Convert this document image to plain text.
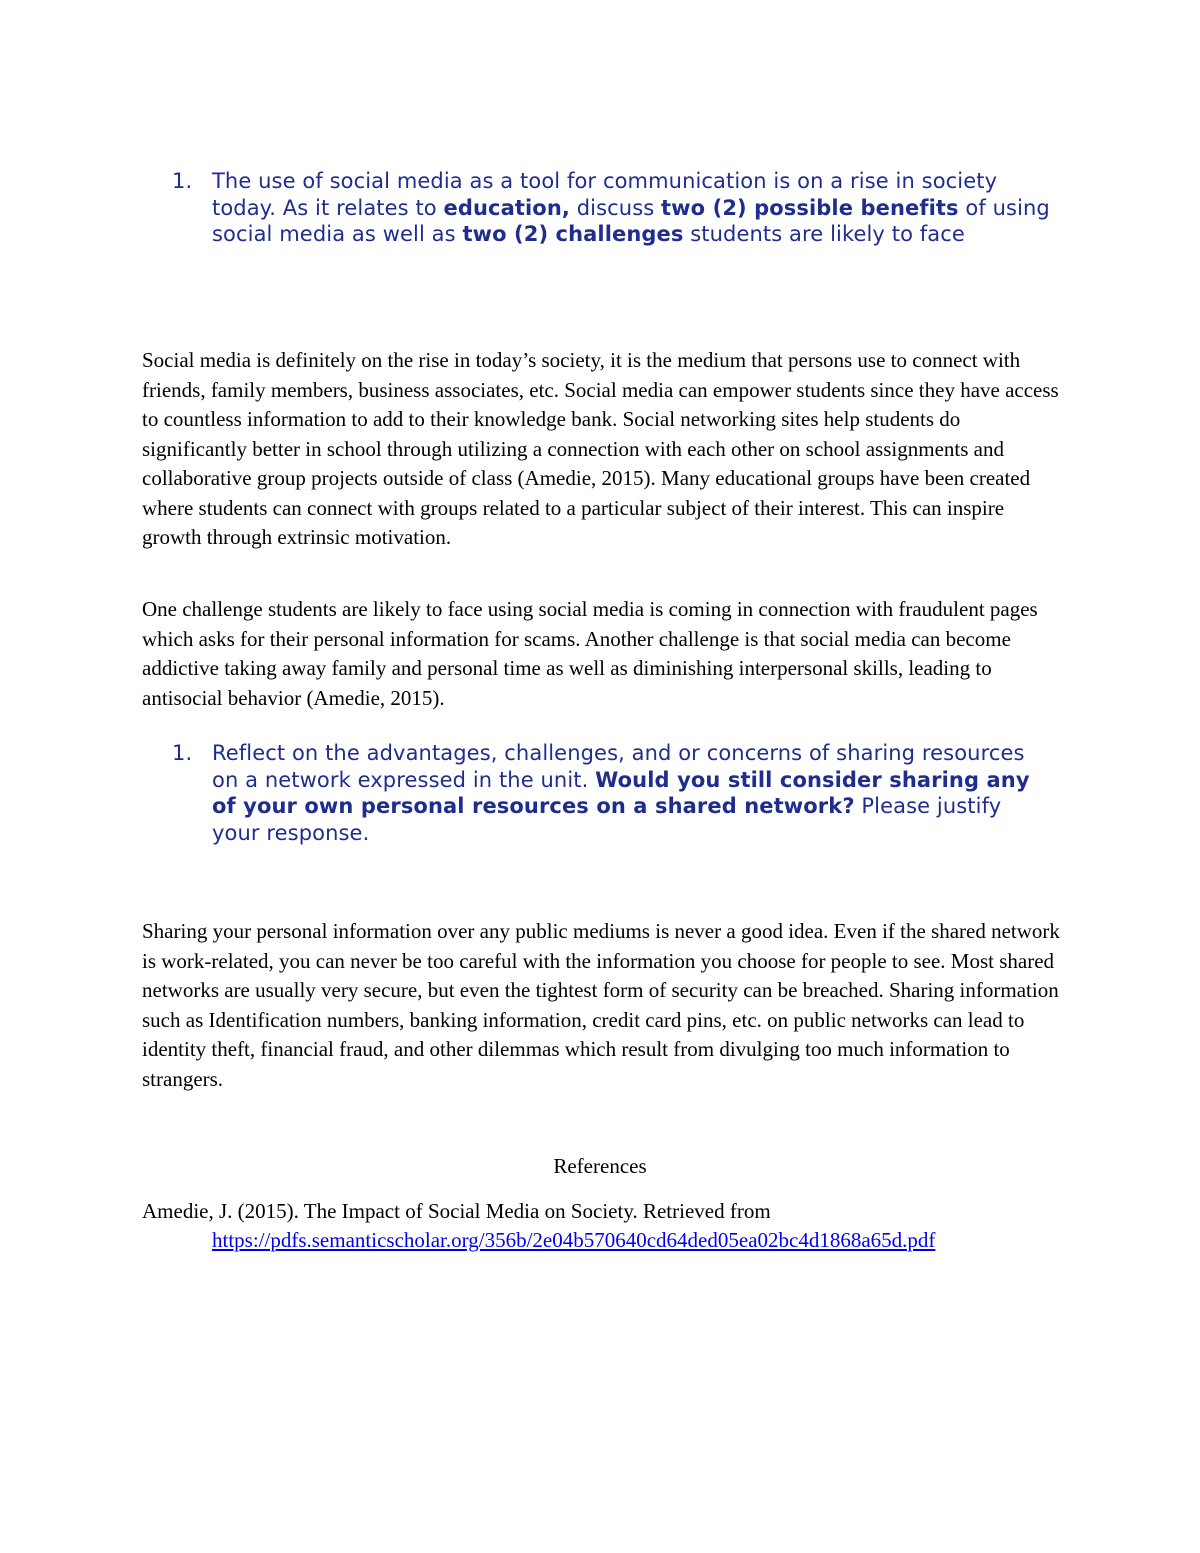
1. The use of social media as a tool for communication is on a rise in society today. As it relates to education, discuss two (2) possible benefits of using social media as well as two (2) challenges students are likely to face

Social media is definitely on the rise in today’s society, it is the medium that persons use to connect with friends, family members, business associates, etc. Social media can empower students since they have access to countless information to add to their knowledge bank. Social networking sites help students do significantly better in school through utilizing a connection with each other on school assignments and collaborative group projects outside of class (Amedie, 2015). Many educational groups have been created where students can connect with groups related to a particular subject of their interest. This can inspire growth through extrinsic motivation.

One challenge students are likely to face using social media is coming in connection with fraudulent pages which asks for their personal information for scams. Another challenge is that social media can become addictive taking away family and personal time as well as diminishing interpersonal skills, leading to antisocial behavior (Amedie, 2015).

1. Reflect on the advantages, challenges, and or concerns of sharing resources on a network expressed in the unit. Would you still consider sharing any of your own personal resources on a shared network? Please justify your response.

Sharing your personal information over any public mediums is never a good idea. Even if the shared network is work-related, you can never be too careful with the information you choose for people to see. Most shared networks are usually very secure, but even the tightest form of security can be breached. Sharing information such as Identification numbers, banking information, credit card pins, etc. on public networks can lead to identity theft, financial fraud, and other dilemmas which result from divulging too much information to strangers.

References
Amedie, J. (2015). The Impact of Social Media on Society. Retrieved from
https://pdfs.semanticscholar.org/356b/2e04b570640cd64ded05ea02bc4d1868a65d.pdf
